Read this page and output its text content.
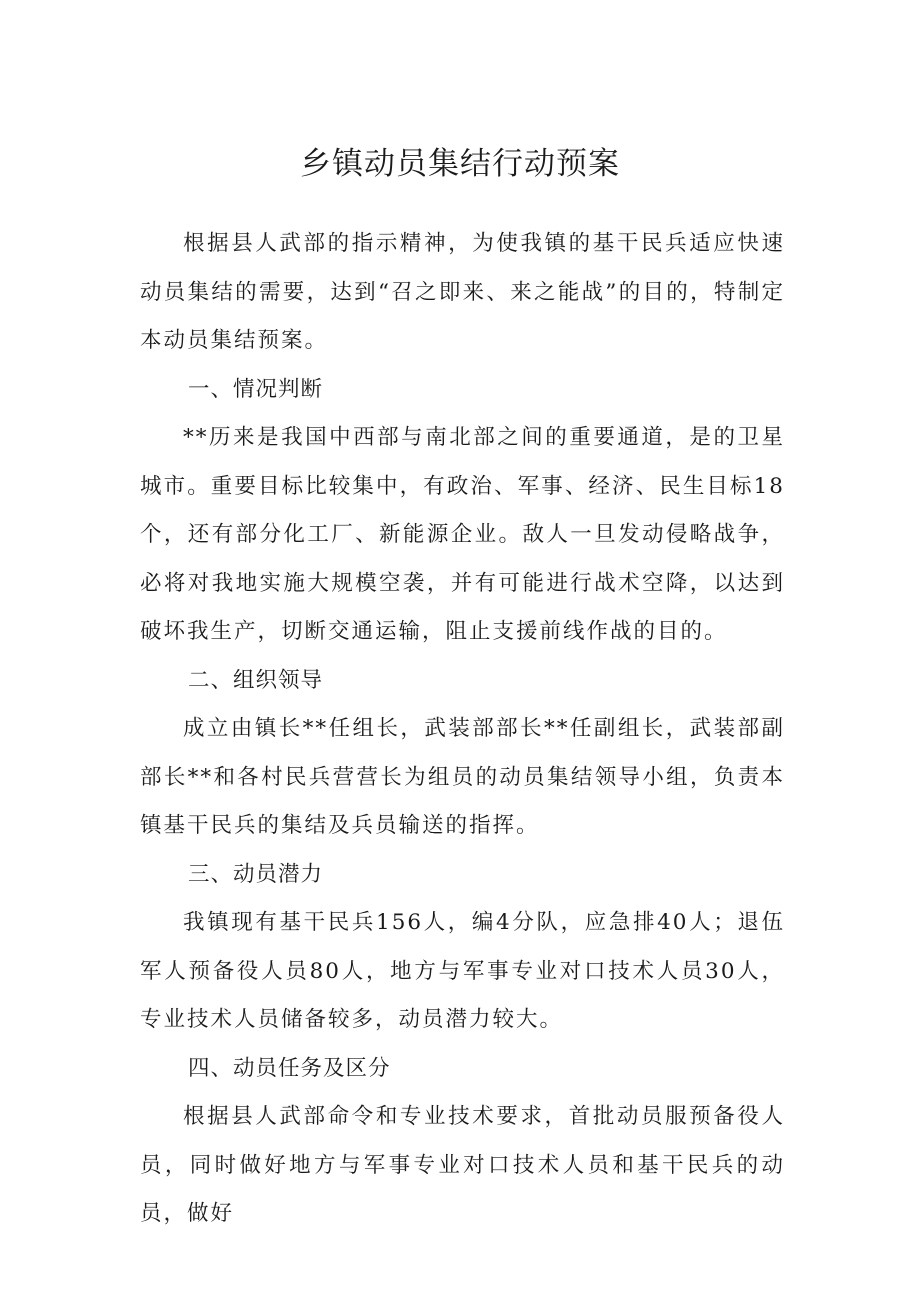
乡镇动员集结行动预案

根据县人武部的指示精神，为使我镇的基干民兵适应快速动员集结的需要，达到“召之即来、来之能战”的目的，特制定本动员集结预案。

一、情况判断

**历来是我国中西部与南北部之间的重要通道，是的卫星城市。重要目标比较集中，有政治、军事、经济、民生目标18个，还有部分化工厂、新能源企业。敌人一旦发动侵略战争，必将对我地实施大规模空袭，并有可能进行战术空降，以达到破坏我生产，切断交通运输，阻止支援前线作战的目的。

二、组织领导

成立由镇长**任组长，武装部部长**任副组长，武装部副部长**和各村民兵营营长为组员的动员集结领导小组，负责本镇基干民兵的集结及兵员输送的指挥。

三、动员潜力

我镇现有基干民兵156人，编4分队，应急排40人；退伍军人预备役人员80人，地方与军事专业对口技术人员30人，专业技术人员储备较多，动员潜力较大。

四、动员任务及区分

根据县人武部命令和专业技术要求，首批动员服预备役人员，同时做好地方与军事专业对口技术人员和基干民兵的动员，做好
